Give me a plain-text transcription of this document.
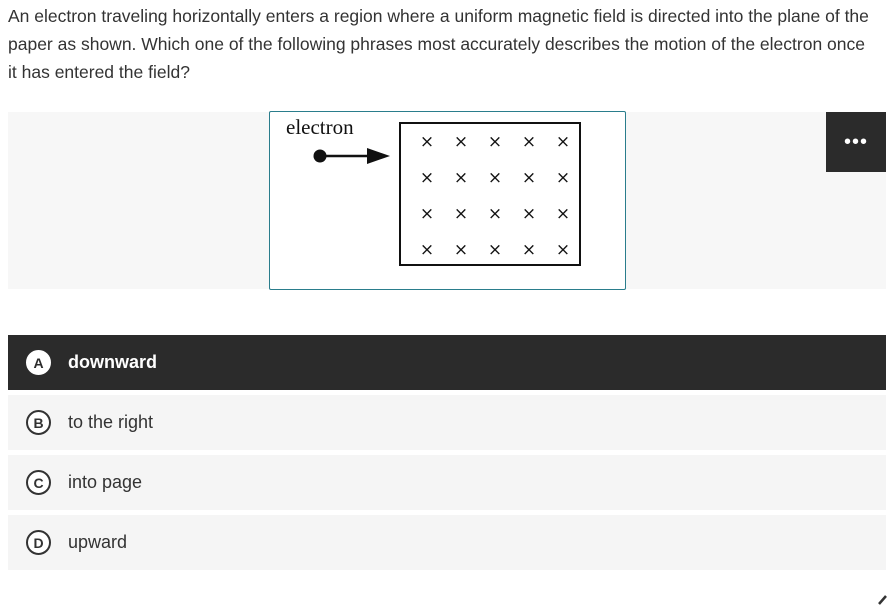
An electron traveling horizontally enters a region where a uniform magnetic field is directed into the plane of the paper as shown. Which one of the following phrases most accurately describes the motion of the electron once it has entered the field?

electron
× × × × ×
× × × × ×
× × × × ×
× × × × ×
•••
A	downward
B	to the right
C	into page
D	upward
